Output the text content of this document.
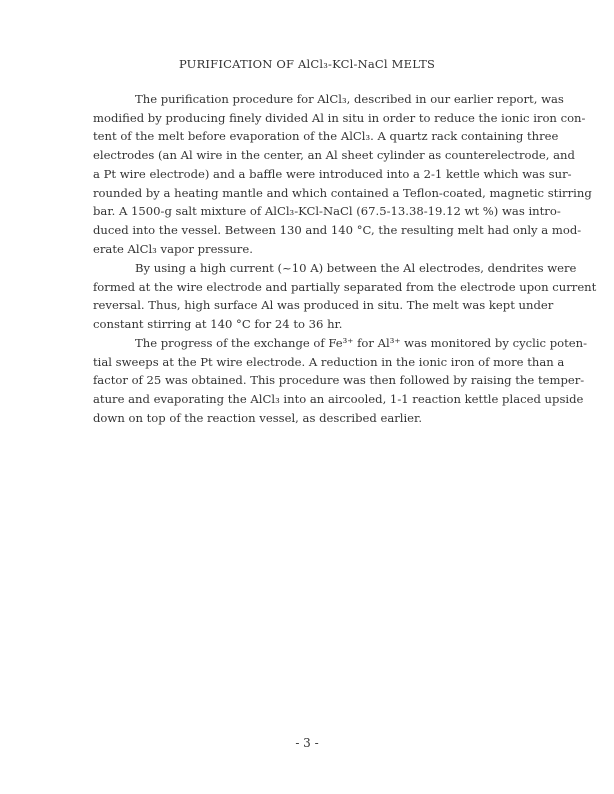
PURIFICATION OF AlCl₃-KCl-NaCl MELTS
The purification procedure for AlCl₃, described in our earlier report, was
modified by producing finely divided Al in situ in order to reduce the ionic iron con-
tent of the melt before evaporation of the AlCl₃. A quartz rack containing three
electrodes (an Al wire in the center, an Al sheet cylinder as counterelectrode, and
a Pt wire electrode) and a baffle were introduced into a 2-1 kettle which was sur-
rounded by a heating mantle and which contained a Teflon-coated, magnetic stirring
bar. A 1500-g salt mixture of AlCl₃-KCl-NaCl (67.5-13.38-19.12 wt %) was intro-
duced into the vessel. Between 130 and 140 °C, the resulting melt had only a mod-
erate AlCl₃ vapor pressure.
By using a high current (~10 A) between the Al electrodes, dendrites were
formed at the wire electrode and partially separated from the electrode upon current
reversal. Thus, high surface Al was produced in situ. The melt was kept under
constant stirring at 140 °C for 24 to 36 hr.
The progress of the exchange of Fe³⁺ for Al³⁺ was monitored by cyclic poten-
tial sweeps at the Pt wire electrode. A reduction in the ionic iron of more than a
factor of 25 was obtained. This procedure was then followed by raising the temper-
ature and evaporating the AlCl₃ into an aircooled, 1-1 reaction kettle placed upside
down on top of the reaction vessel, as described earlier.
- 3 -
